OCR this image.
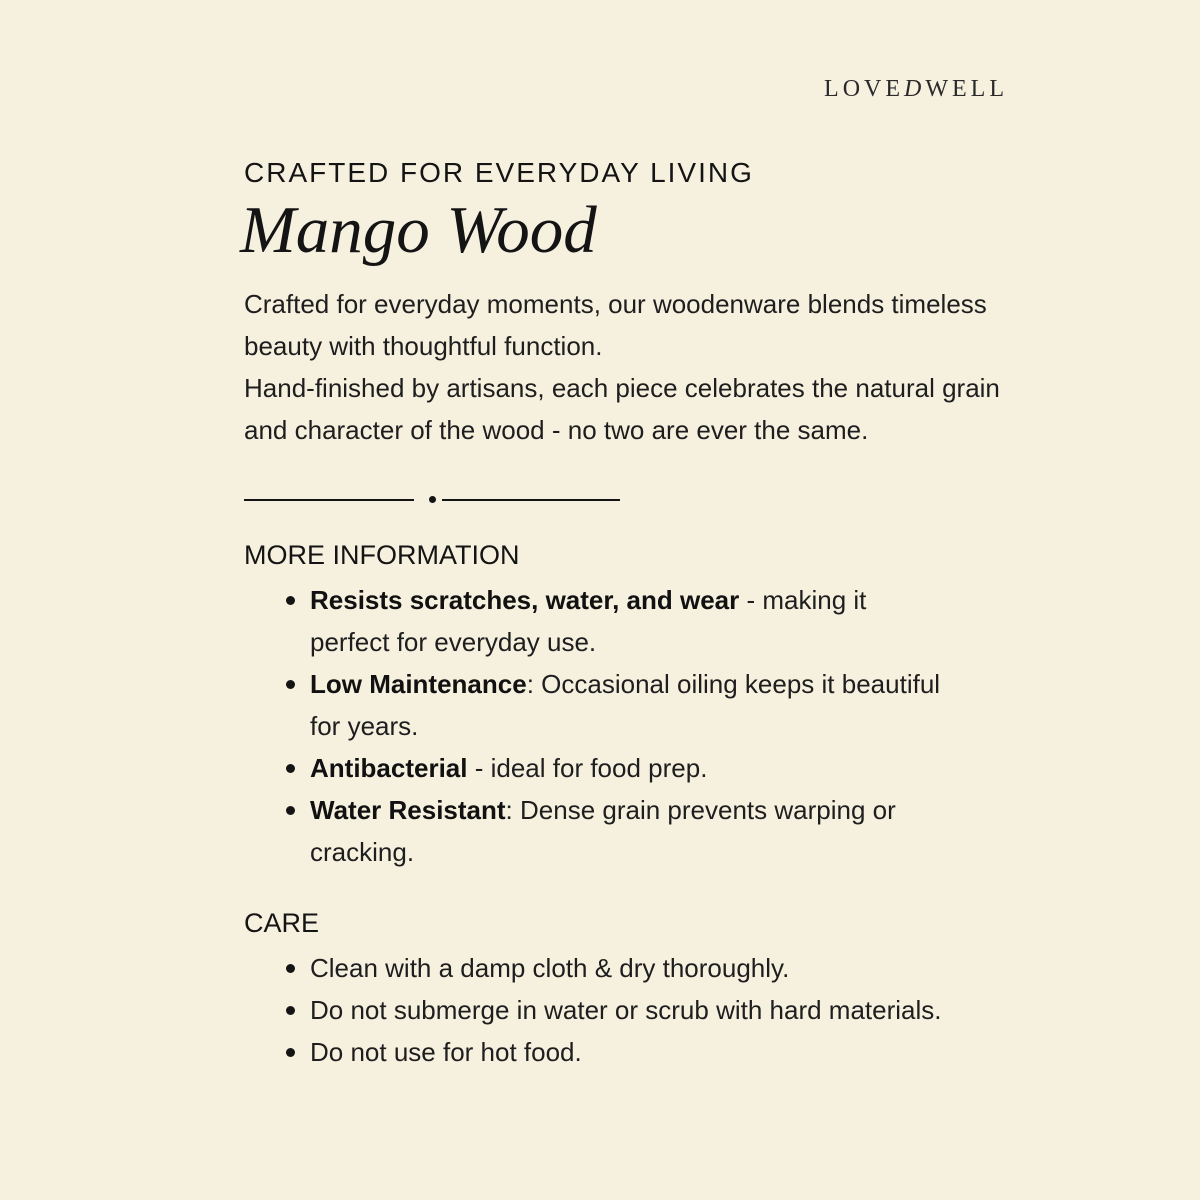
LOVEDWELL
CRAFTED FOR EVERYDAY LIVING
Mango Wood

Crafted for everyday moments, our woodenware blends timeless beauty with thoughtful function.

Hand-finished by artisans, each piece celebrates the natural grain and character of the wood - no two are ever the same.

MORE INFORMATION
Resists scratches, water, and wear - making it perfect for everyday use.
Low Maintenance: Occasional oiling keeps it beautiful for years.
Antibacterial - ideal for food prep.
Water Resistant: Dense grain prevents warping or cracking.
CARE
Clean with a damp cloth & dry thoroughly.
Do not submerge in water or scrub with hard materials.
Do not use for hot food.
